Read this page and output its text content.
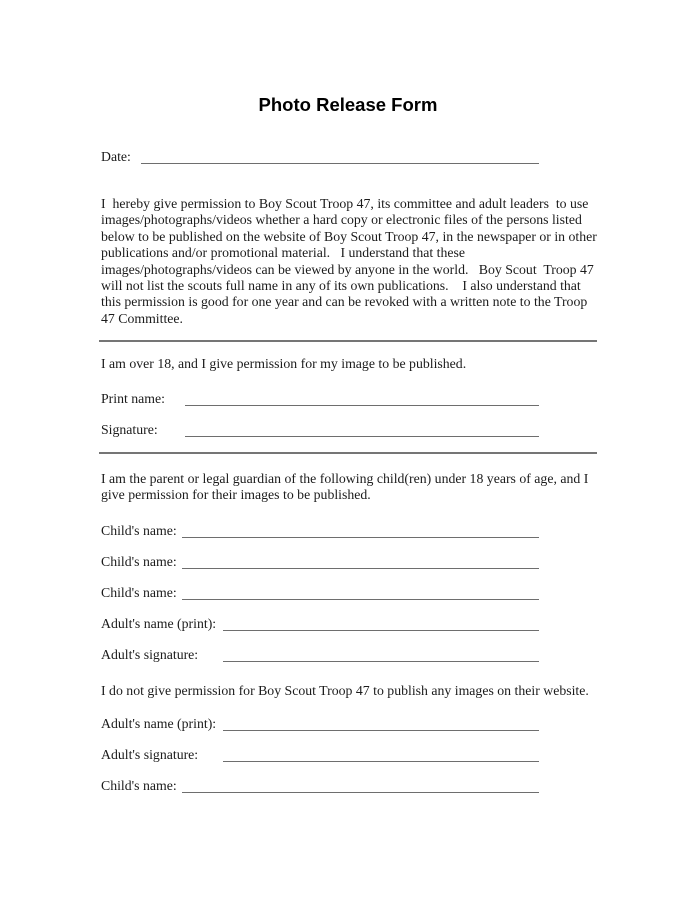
Photo Release Form
Date:
I  hereby give permission to Boy Scout Troop 47, its committee and adult leaders  to use
images/photographs/videos whether a hard copy or electronic files of the persons listed
below to be published on the website of Boy Scout Troop 47, in the newspaper or in other
publications and/or promotional material.   I understand that these
images/photographs/videos can be viewed by anyone in the world.   Boy Scout  Troop 47
will not list the scouts full name in any of its own publications.    I also understand that
this permission is good for one year and can be revoked with a written note to the Troop
47 Committee.
I am over 18, and I give permission for my image to be published.
Print name:
Signature:
I am the parent or legal guardian of the following child(ren) under 18 years of age, and I
give permission for their images to be published.
Child's name:
Child's name:
Child's name:
Adult's name (print):
Adult's signature:
I do not give permission for Boy Scout Troop 47 to publish any images on their website.
Adult's name (print):
Adult's signature:
Child's name:
